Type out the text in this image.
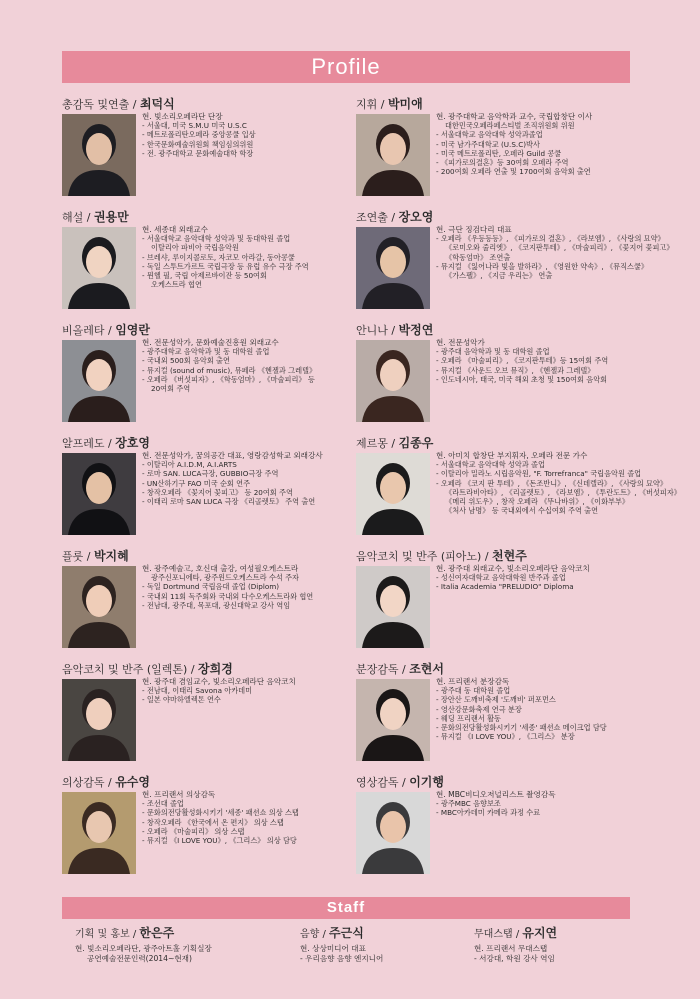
Profile
총감독 및연출 / 최덕식
현. 빛소리오페라단 단장
- 서울대, 미국 S.M.U 미국 U.S.C
- 메트로폴리탄오페라 중앙콩쿨 입상
- 한국문화예술위원회 책임심의위원
- 전. 광주대학교 문화예술대학 학장
지휘 / 박미애
현. 광주대학교 음악학과 교수, 국립합창단 이사
대한민국오페라페스티벌 조직위원회 위원
- 서울대학교 음악대학 성악과졸업
- 미국 남가주대학교 (U.S.C)박사
- 미국 메트로폴리탄, 오페라 Guild 콩쿨
- 《피가로의결혼》등 30여회 오페라 주역
- 200여회 오페라 연출 및 1700여회 음악회 출연
해설 / 권용만
현. 세종대 외래교수
- 서울대학교 음악대학 성악과 및 동대학원 졸업
이탈리아 파비아 국립음악원
- 브레샤, 루이지콜로토, 자코모 아라갈, 동아콩쿨
- 독일 스투트가르트 국립극장 등 유럽 유수 극장 주역
- 뮌헬 필, 국립 아제르바이잔 등 50여회
오케스트라 협연
조연출 / 장오영
현. 극단 징검다리 대표
- 오페라 《우등등등》, 《피가로의 결혼》, 《라보엠》, 《사랑의 묘약》
《로미오와 줄리엣》, 《코지판투테》, 《마술피리》, 《꽃지어 꽃피고》
《학동엄마》 조연출
- 뮤지컬 《잃어나라 빛을 발하라》, 《영원한 약속》, 《뮤직스쿨》
《가스펠》, 《지금 우리는》 연출
비올레타 / 임영란
현. 전문성악가, 문화예술진흥원 외래교수
- 광주대학교 음악학과 및 동 대학원 졸업
- 국내외 500회 음악회 출연
- 뮤지컬 (sound of music), 뮤페라 《헨젤과 그레텔》
- 오페라 《버섯피자》, 《학동엄마》, 《마술피리》 등
20여회 주역
안니나 / 박정연
현. 전문성악가
- 광주대 음악학과 및 동 대학원 졸업
- 오페라 《마술피리》, 《코지판투테》등 15여회 주역
- 뮤지컬 《사운드 오브 뮤직》, 《헨젤과 그레텔》
- 인도네시아, 태국, 미국 해외 초청 및 150여회 음악회
알프레도 / 장호영
현. 전문성악가, 꿈의공간 대표, 영랑감성학교 외래강사
- 이탈리아 A.I.D.M, A.I.ARTS
- 로마 SAN. LUCA극장, GUBBIO극장 주역
- UN산하기구 FAO 미국 순회 연주
- 창작오페라 《꽃지어 꽃피고》 등 20여회 주역
- 이태리 로마 SAN LUCA 극장 《리골렛토》 주역 출연
제르몽 / 김종우
현. 아미치 합창단 부지휘자, 오페라 전문 가수
- 서울대학교 음악대학 성악과 졸업
- 이탈리아 밀라노 시립음악원, "F. Torrefranca" 국립음악원 졸업
- 오페라 《코지 판 투테》, 《돈조반니》, 《신데렐라》, 《사랑의 묘약》
《라트라비아타》, 《리골렛토》, 《라보엠》, 《투란도트》, 《버섯피자》
《메리 위도우》, 창작 오페라 《뚜나바위》, 《이화부부》
《처사 남명》 등 국내외에서 수십여회 주역 출연
플룻 / 박지혜
현. 광주예술고, 호신대 출강, 여성필오케스트라
광주신포니에타, 광주윈드오케스트라 수석 주자
- 독일 Dortmund 국립음대 졸업 (Diplom)
- 국내외 11회 독주회와 국내외 다수오케스트라와 협연
- 전남대, 광주대, 목포대, 광신대학교 강사 역임
음악코치 및 반주 (피아노) / 천현주
현. 광주대 외래교수, 빛소리오페라단 음악코치
- 성신여자대학교 음악대학원 반주과 졸업
- Italia Academia "PRELUDIO" Diploma
음악코치 및 반주 (일렉톤) / 장희경
현. 광주대 겸임교수, 빛소리오페라단 음악코치
- 전남대, 이태리 Savona 아카데미
- 일본 야마하엘렉톤 연수
분장감독 / 조현서
현. 프리랜서 분장감독
- 광주대 동 대학원 졸업
- 장안산 도깨비축제 '도깨비' 퍼포먼스
- 영산강문화축제 연극 분장
- 웨딩 프리랜서 활동
- 문화의전당활성화시키기 '세종' 패션쇼 메이크업 담당
- 뮤지컬 《I LOVE YOU》, 《그리스》 분장
의상감독 / 유수영
현. 프리랜서 의상감독
- 조선대 졸업
- 문화의전당활성화시키기 '세종' 패션쇼 의상 스탭
- 창작오페라 《한국에서 온 편지》 의상 스탭
- 오페라 《마술피리》 의상 스탭
- 뮤지컬 《I LOVE YOU》, 《그리스》 의상 담당
영상감독 / 이기행
현. MBC비디오저널리스트 촬영감독
- 광주MBC 음향보조
- MBC아카데미 카메라 과정 수료
Staff
기획 및 홍보 / 한은주
현. 빛소리오페라단, 광주아트홀 기획실장
공연예술전문인력(2014~현재)
음향 / 주근식
현. 상상미디어 대표
- 우리음향 음향 엔지니어
무대스탭 / 유지연
현. 프리랜서 무대스탭
- 서강대, 학원 강사 역임
